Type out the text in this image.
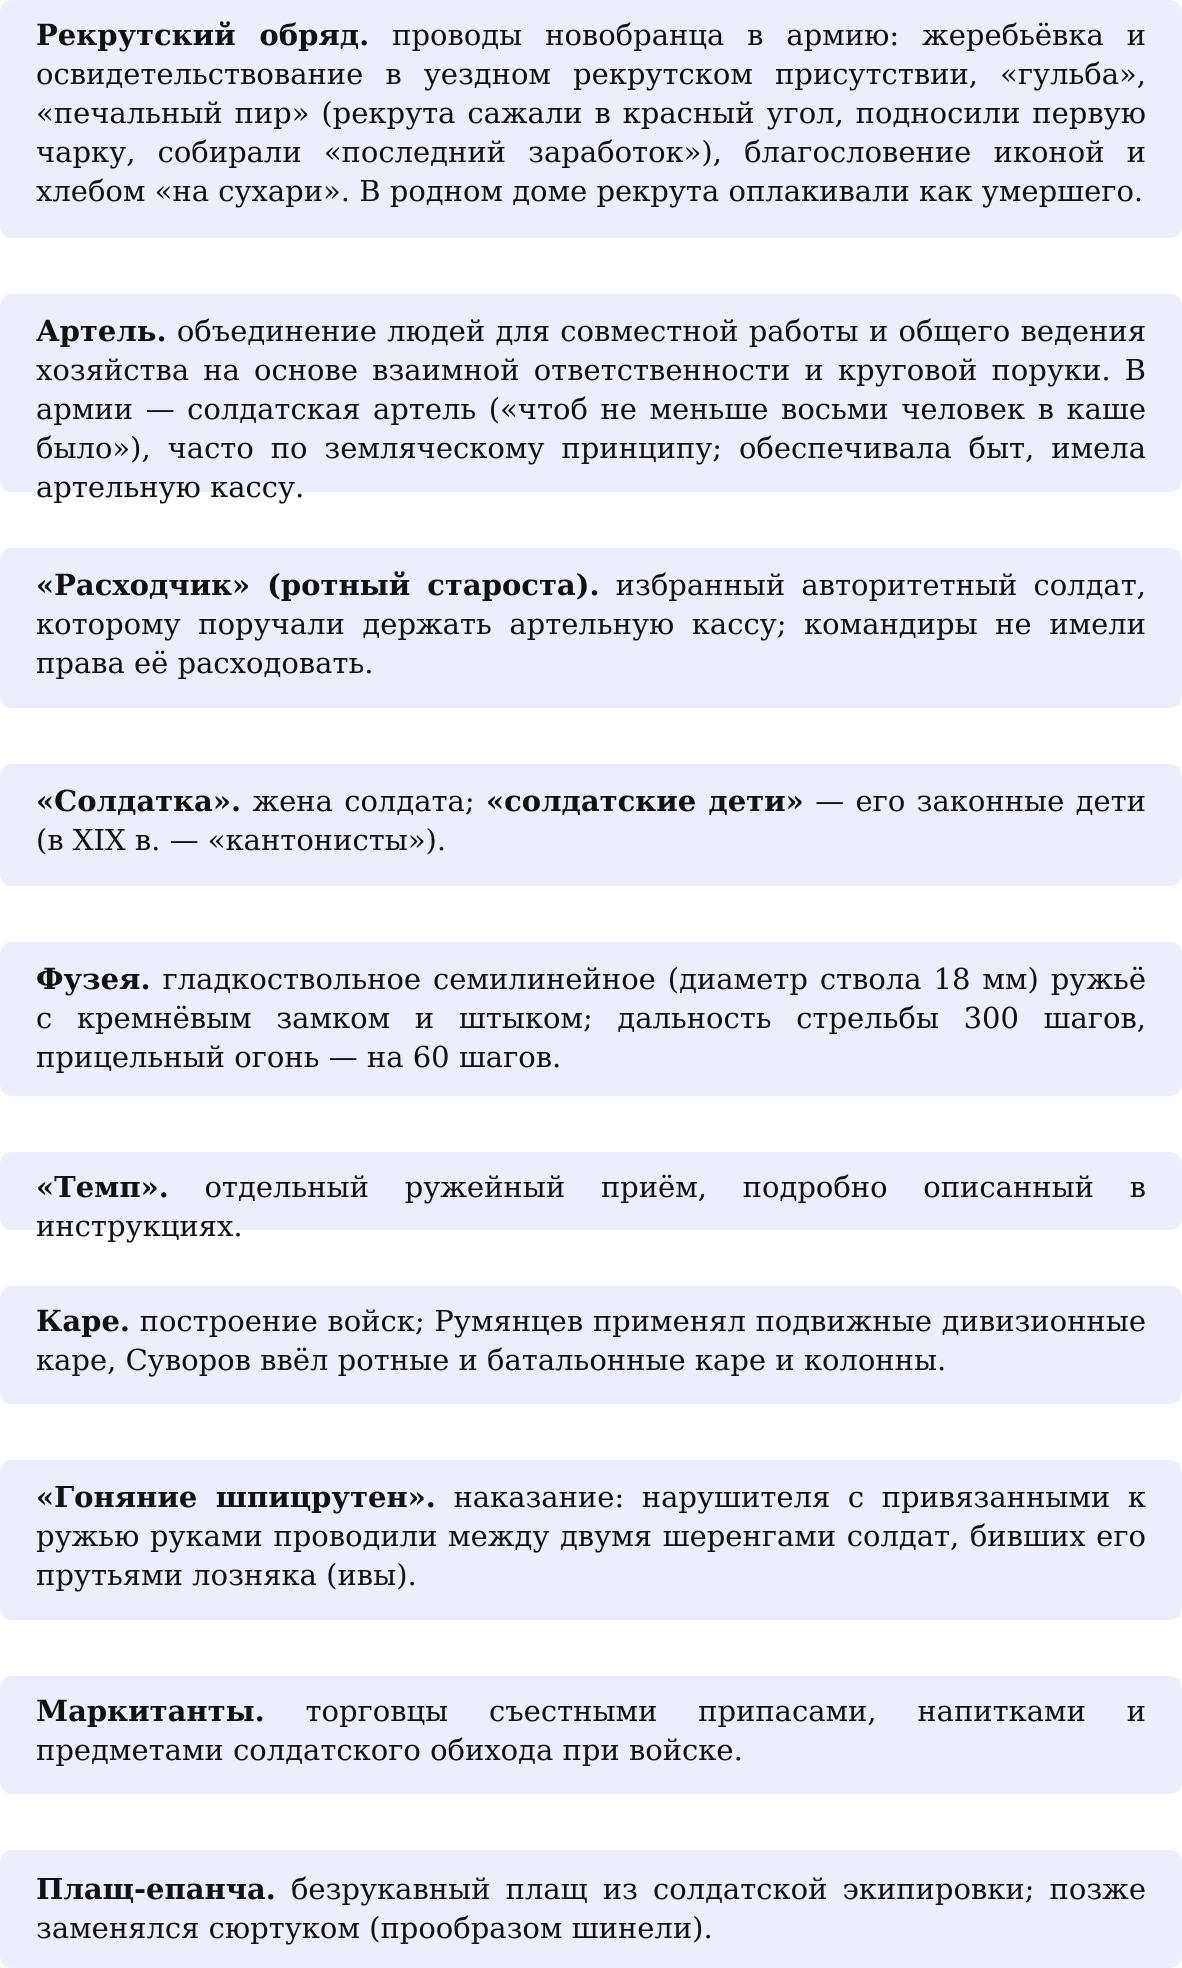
Рекрутский обряд. проводы новобранца в армию: жеребьёвка и освидетельствование в уездном рекрутском присутствии, «гульба», «печальный пир» (рекрута сажали в красный угол, подносили первую чарку, собирали «последний заработок»), благословение иконой и хлебом «на сухари». В родном доме рекрута оплакивали как умершего.
Артель. объединение людей для совместной работы и общего ведения хозяйства на основе взаимной ответственности и круговой поруки. В армии — солдатская артель («чтоб не меньше восьми человек в каше было»), часто по земляческому принципу; обеспечивала быт, имела артельную кассу.
«Расходчик» (ротный староста). избранный авторитетный солдат, которому поручали держать артельную кассу; командиры не имели права её расходовать.
«Солдатка». жена солдата; «солдатские дети» — его законные дети (в XIX в. — «кантонисты»).
Фузея. гладкоствольное семилинейное (диаметр ствола 18 мм) ружьё с кремнёвым замком и штыком; дальность стрельбы 300 шагов, прицельный огонь — на 60 шагов.
«Темп». отдельный ружейный приём, подробно описанный в инструкциях.
Каре. построение войск; Румянцев применял подвижные дивизионные каре, Суворов ввёл ротные и батальонные каре и колонны.
«Гоняние шпицрутен». наказание: нарушителя с привязанными к ружью руками проводили между двумя шеренгами солдат, бивших его прутьями лозняка (ивы).
Маркитанты. торговцы съестными припасами, напитками и предметами солдатского обихода при войске.
Плащ-епанча. безрукавный плащ из солдатской экипировки; позже заменялся сюртуком (прообразом шинели).
